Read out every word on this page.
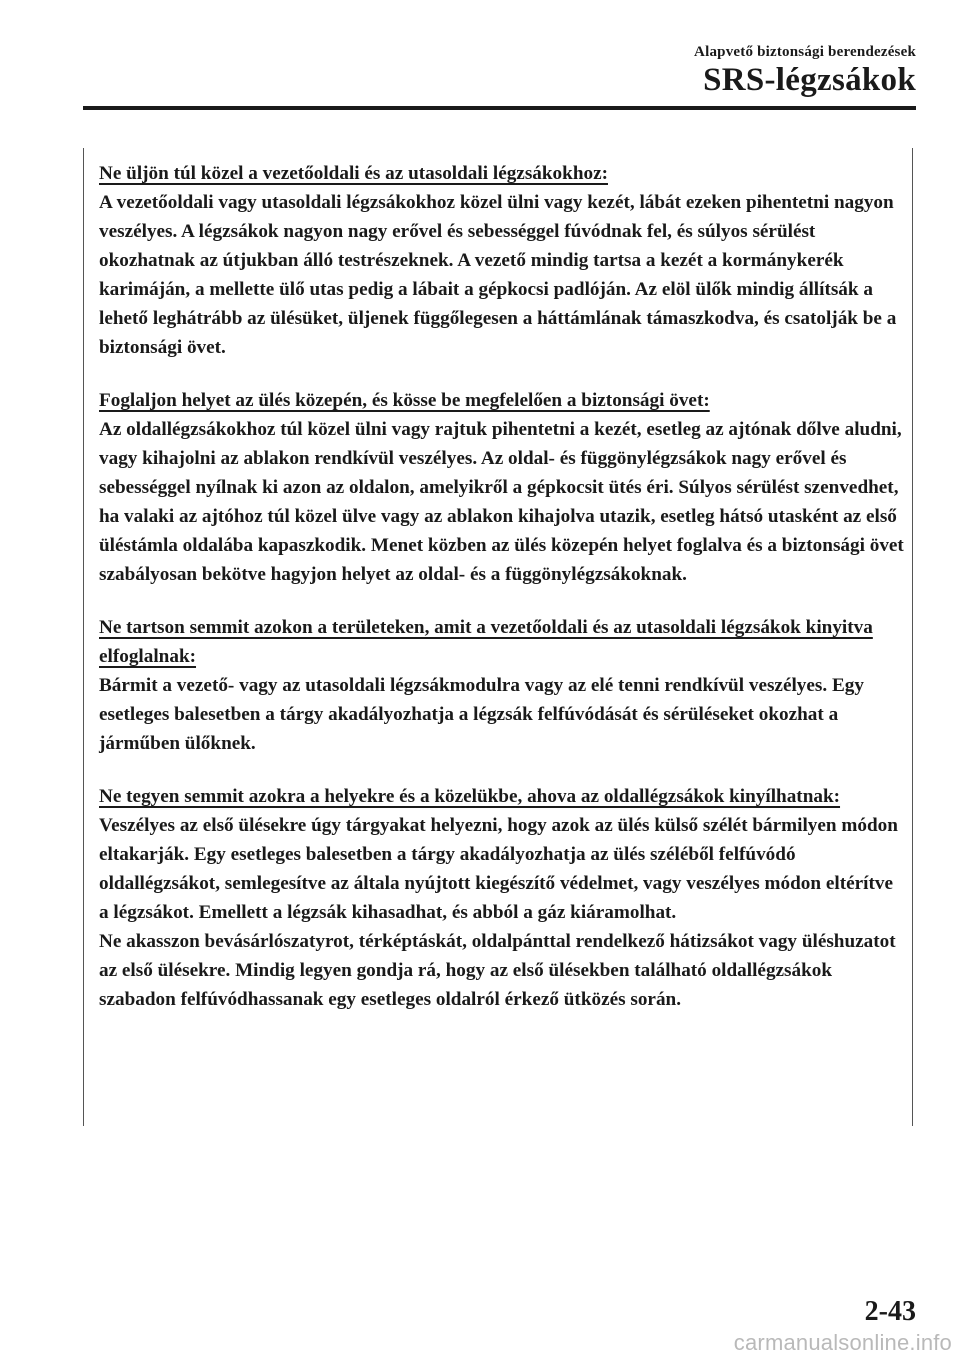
Alapvető biztonsági berendezések
SRS-légzsákok
Ne üljön túl közel a vezetőoldali és az utasoldali légzsákokhoz:
A vezetőoldali vagy utasoldali légzsákokhoz közel ülni vagy kezét, lábát ezeken pihentetni nagyon veszélyes. A légzsákok nagyon nagy erővel és sebességgel fúvódnak fel, és súlyos sérülést okozhatnak az útjukban álló testrészeknek. A vezető mindig tartsa a kezét a kormánykerék karimáján, a mellette ülő utas pedig a lábait a gépkocsi padlóján. Az elöl ülők mindig állítsák a lehető leghátrább az ülésüket, üljenek függőlegesen a háttámlának támaszkodva, és csatolják be a biztonsági övet.
Foglaljon helyet az ülés közepén, és kösse be megfelelően a biztonsági övet:
Az oldallégzsákokhoz túl közel ülni vagy rajtuk pihentetni a kezét, esetleg az ajtónak dőlve aludni, vagy kihajolni az ablakon rendkívül veszélyes. Az oldal- és függönylégzsákok nagy erővel és sebességgel nyílnak ki azon az oldalon, amelyikről a gépkocsit ütés éri. Súlyos sérülést szenvedhet, ha valaki az ajtóhoz túl közel ülve vagy az ablakon kihajolva utazik, esetleg hátsó utasként az első üléstámla oldalába kapaszkodik. Menet közben az ülés közepén helyet foglalva és a biztonsági övet szabályosan bekötve hagyjon helyet az oldal- és a függönylégzsákoknak.
Ne tartson semmit azokon a területeken, amit a vezetőoldali és az utasoldali légzsákok kinyitva elfoglalnak:
Bármit a vezető- vagy az utasoldali légzsákmodulra vagy az elé tenni rendkívül veszélyes. Egy esetleges balesetben a tárgy akadályozhatja a légzsák felfúvódását és sérüléseket okozhat a járműben ülőknek.
Ne tegyen semmit azokra a helyekre és a közelükbe, ahova az oldallégzsákok kinyílhatnak:
Veszélyes az első ülésekre úgy tárgyakat helyezni, hogy azok az ülés külső szélét bármilyen módon eltakarják. Egy esetleges balesetben a tárgy akadályozhatja az ülés széléből felfúvódó oldallégzsákot, semlegesítve az általa nyújtott kiegészítő védelmet, vagy veszélyes módon eltérítve a légzsákot. Emellett a légzsák kihasadhat, és abból a gáz kiáramolhat.
Ne akasszon bevásárlószatyrot, térképtáskát, oldalpánttal rendelkező hátizsákot vagy üléshuzatot az első ülésekre. Mindig legyen gondja rá, hogy az első ülésekben található oldallégzsákok szabadon felfúvódhassanak egy esetleges oldalról érkező ütközés során.
2-43
carmanualsonline.info
